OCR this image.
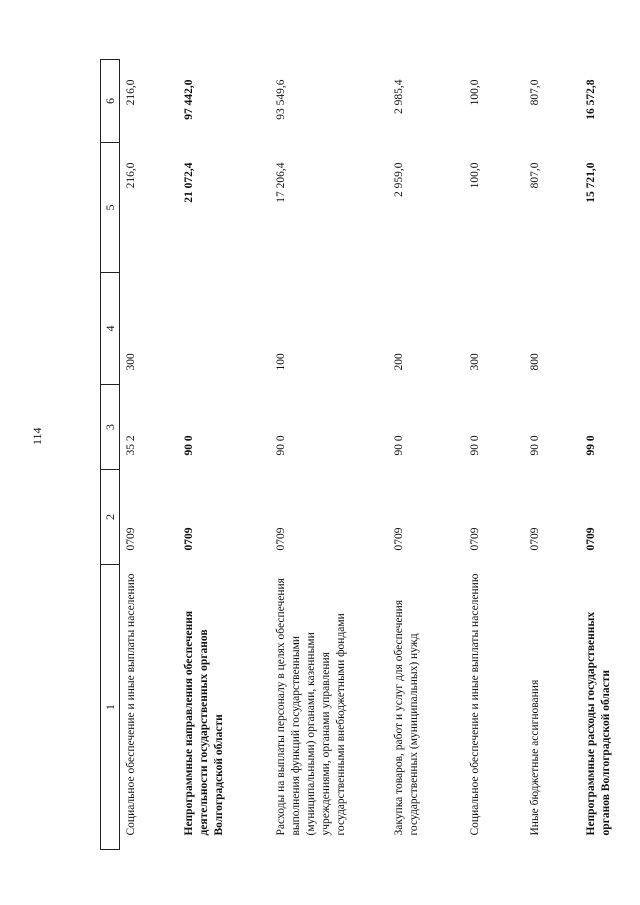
114
1	2	3	4	5	6
Социальное обеспечение и иные выплаты населению	0709	35 2	300	216,0	216,0
Непрограммные направления обеспечения деятельности государственных органов Волгоградской области	0709	90 0		21 072,4	97 442,0
Расходы на выплаты персоналу в целях обеспечения выполнения функций государственными (муниципальными) органами, казенными учреждениями, органами управления государственными внебюджетными фондами	0709	90 0	100	17 206,4	93 549,6
Закупка товаров, работ и услуг для обеспечения государственных (муниципальных) нужд	0709	90 0	200	2 959,0	2 985,4
Социальное обеспечение и иные выплаты населению	0709	90 0	300	100,0	100,0
Иные бюджетные ассигнования	0709	90 0	800	807,0	807,0
Непрограммные расходы государственных органов Волгоградской области	0709	99 0		15 721,0	16 572,8
